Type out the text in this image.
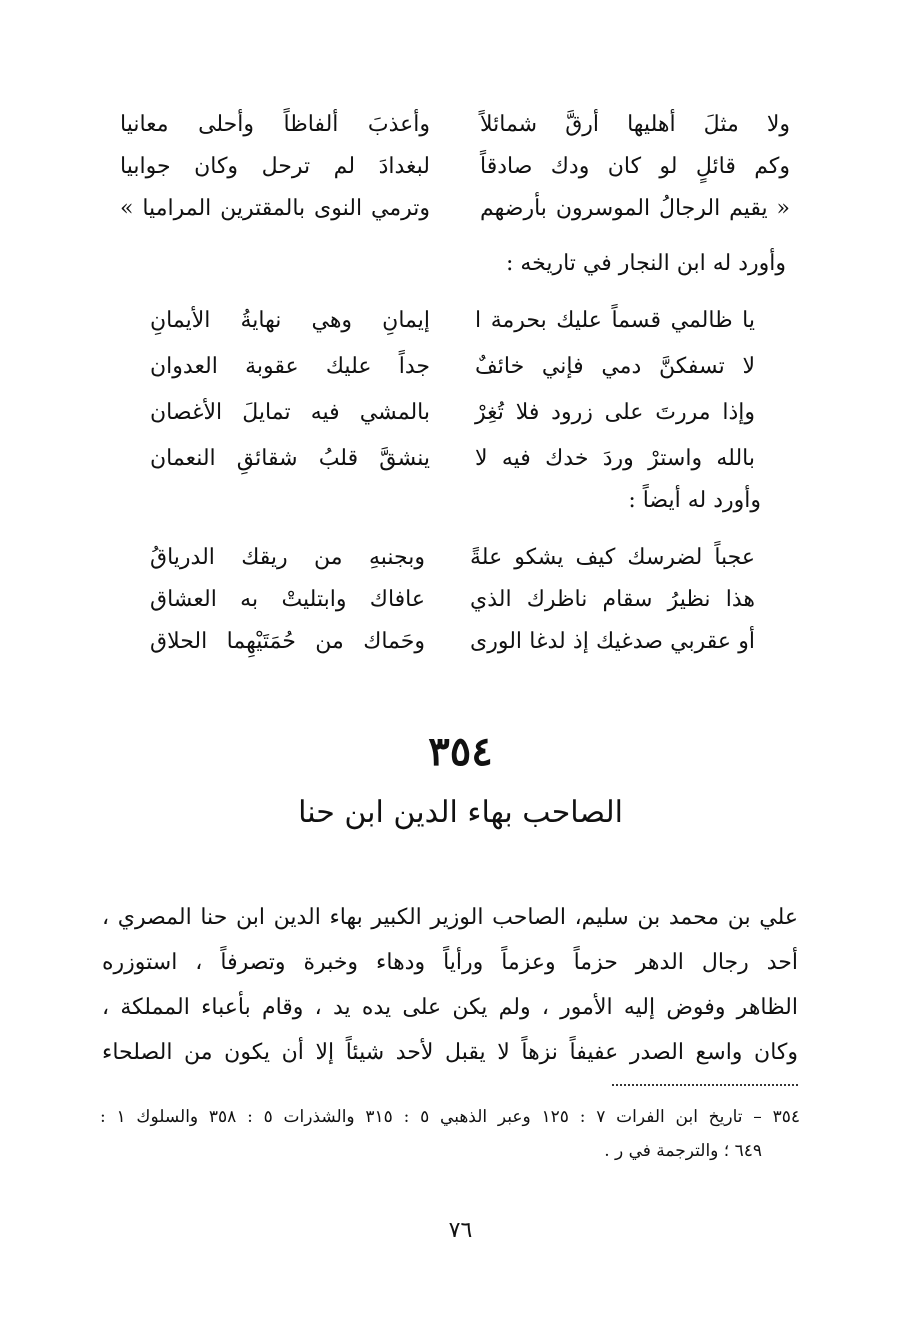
ولا مثلَ أهليها أرقَّ شمائلاً
وأعذبَ ألفاظاً وأحلى معانيا
وكم قائلٍ لو كان ودك صادقاً
لبغدادَ لم ترحل وكان جوابيا
« يقيم الرجالُ الموسرون بأرضهم
وترمي النوى بالمقترين المراميا »
وأورد له ابن النجار في تاريخه :
يا ظالمي قسماً عليك بحرمة ا
إيمانِ وهي نهايةُ الأيمانِ
لا تسفكنَّ دمي فإني خائفٌ
جداً عليك عقوبة العدوان
وإذا مررتَ على زرود فلا تُغِرْ
بالمشي فيه تمايلَ الأغصان
بالله واسترْ وردَ خدك فيه لا
ينشقَّ قلبُ شقائقِ النعمان
وأورد له أيضاً :
عجباً لضرسك كيف يشكو علةً
وبجنبهِ من ريقك الدرياقُ
هذا نظيرُ سقام ناظرك الذي
عافاك وابتليتْ به العشاق
أو عقربي صدغيك إذ لدغا الورى
وحَماك من حُمَتَيْهِما الحلاق
٣٥٤
الصاحب بهاء الدين ابن حنا
علي بن محمد بن سليم، الصاحب الوزير الكبير بهاء الدين ابن حنا المصري ،
أحد رجال الدهر حزماً وعزماً ورأياً ودهاء وخبرة وتصرفاً ، استوزره
الظاهر وفوض إليه الأمور ، ولم يكن على يده يد ، وقام بأعباء المملكة ،
وكان واسع الصدر عفيفاً نزهاً لا يقبل لأحد شيئاً إلا أن يكون من الصلحاء
٣٥٤ – تاريخ ابن الفرات ٧ : ١٢٥ وعبر الذهبي ٥ : ٣١٥ والشذرات ٥ : ٣٥٨ والسلوك ١ :
٦٤٩ ؛ والترجمة في ر .
٧٦
